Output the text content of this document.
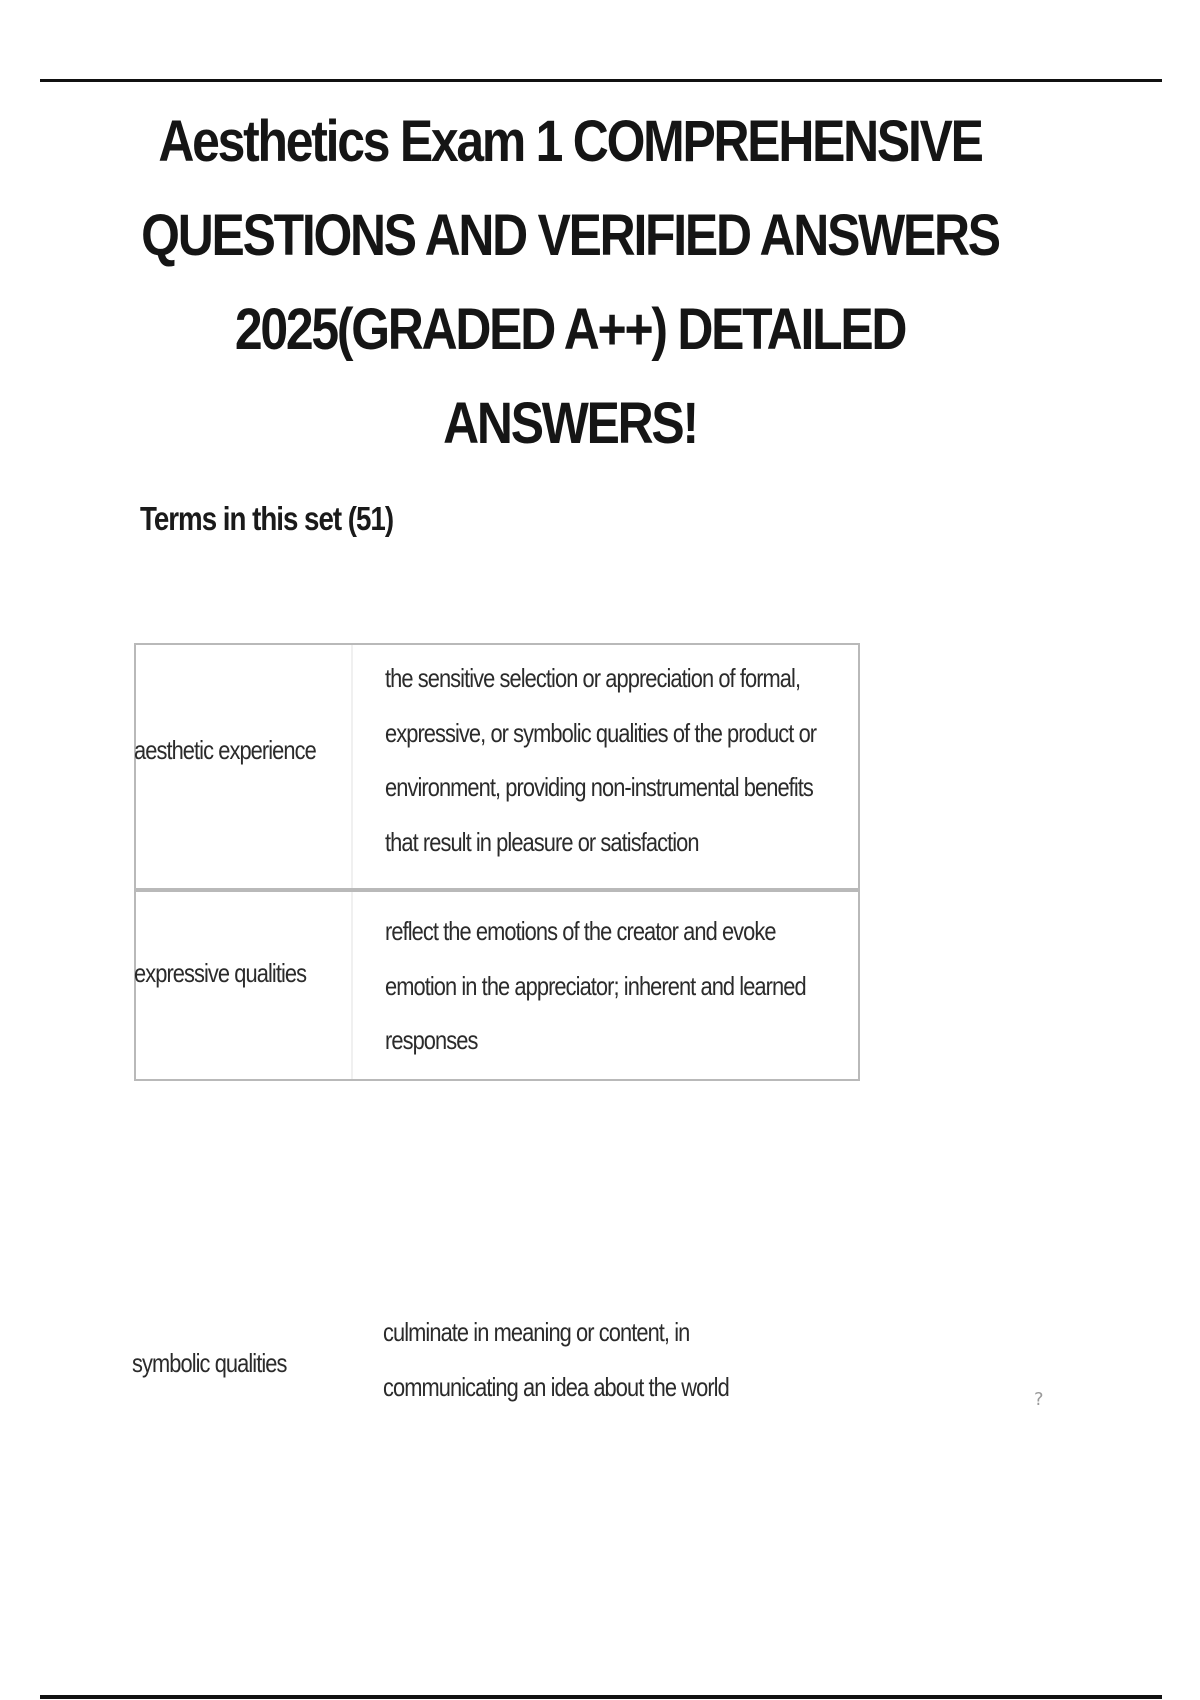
Aesthetics Exam 1 COMPREHENSIVE QUESTIONS AND VERIFIED ANSWERS 2025(GRADED A++) DETAILED ANSWERS!
Terms in this set (51)

aesthetic experience

the sensitive selection or appreciation of formal, expressive, or symbolic qualities of the product or environment, providing non-instrumental benefits that result in pleasure or satisfaction

expressive qualities

reflect the emotions of the creator and evoke emotion in the appreciator; inherent and learned responses

symbolic qualities

culminate in meaning or content, in communicating an idea about the world	?
